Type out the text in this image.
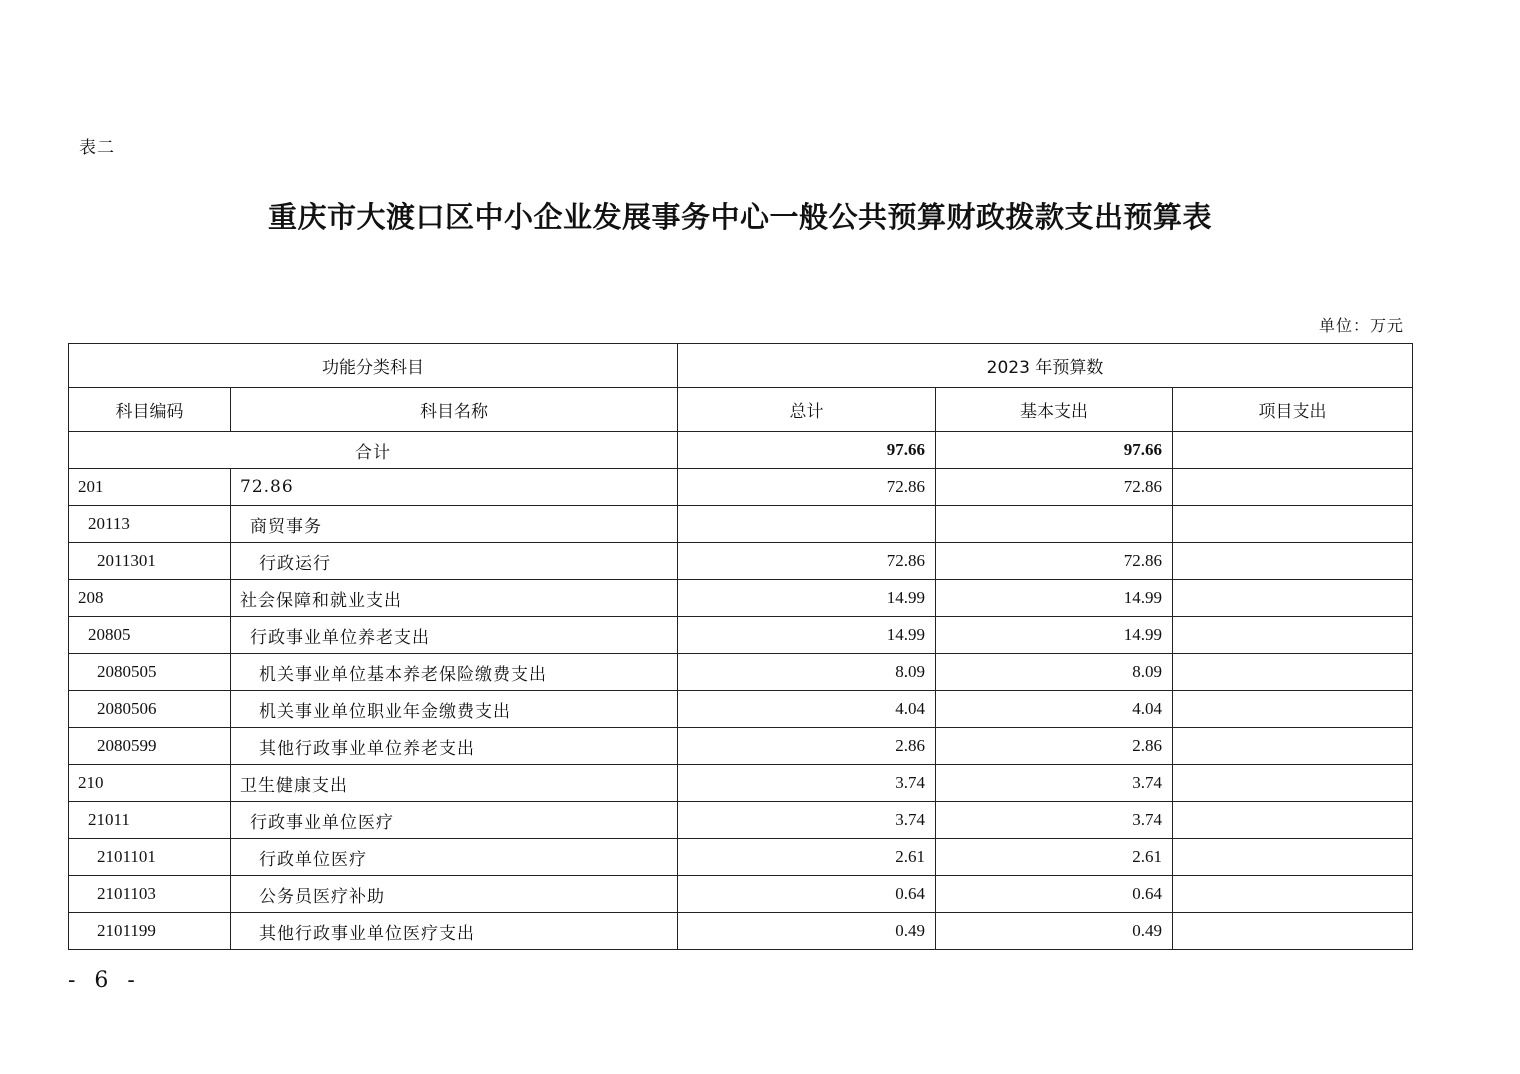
表二
重庆市大渡口区中小企业发展事务中心一般公共预算财政拨款支出预算表
单位：万元
功能分类科目		2023 年预算数		
科目编码	科目名称	总计	基本支出	项目支出
合计		97.66	97.66	
201	72.86	72.86	72.86	
20113	商贸事务			
2011301	行政运行	72.86	72.86	
208	社会保障和就业支出	14.99	14.99	
20805	行政事业单位养老支出	14.99	14.99	
2080505	机关事业单位基本养老保险缴费支出	8.09	8.09	
2080506	机关事业单位职业年金缴费支出	4.04	4.04	
2080599	其他行政事业单位养老支出	2.86	2.86	
210	卫生健康支出	3.74	3.74	
21011	行政事业单位医疗	3.74	3.74	
2101101	行政单位医疗	2.61	2.61	
2101103	公务员医疗补助	0.64	0.64	
2101199	其他行政事业单位医疗支出	0.49	0.49	
- 6 -
